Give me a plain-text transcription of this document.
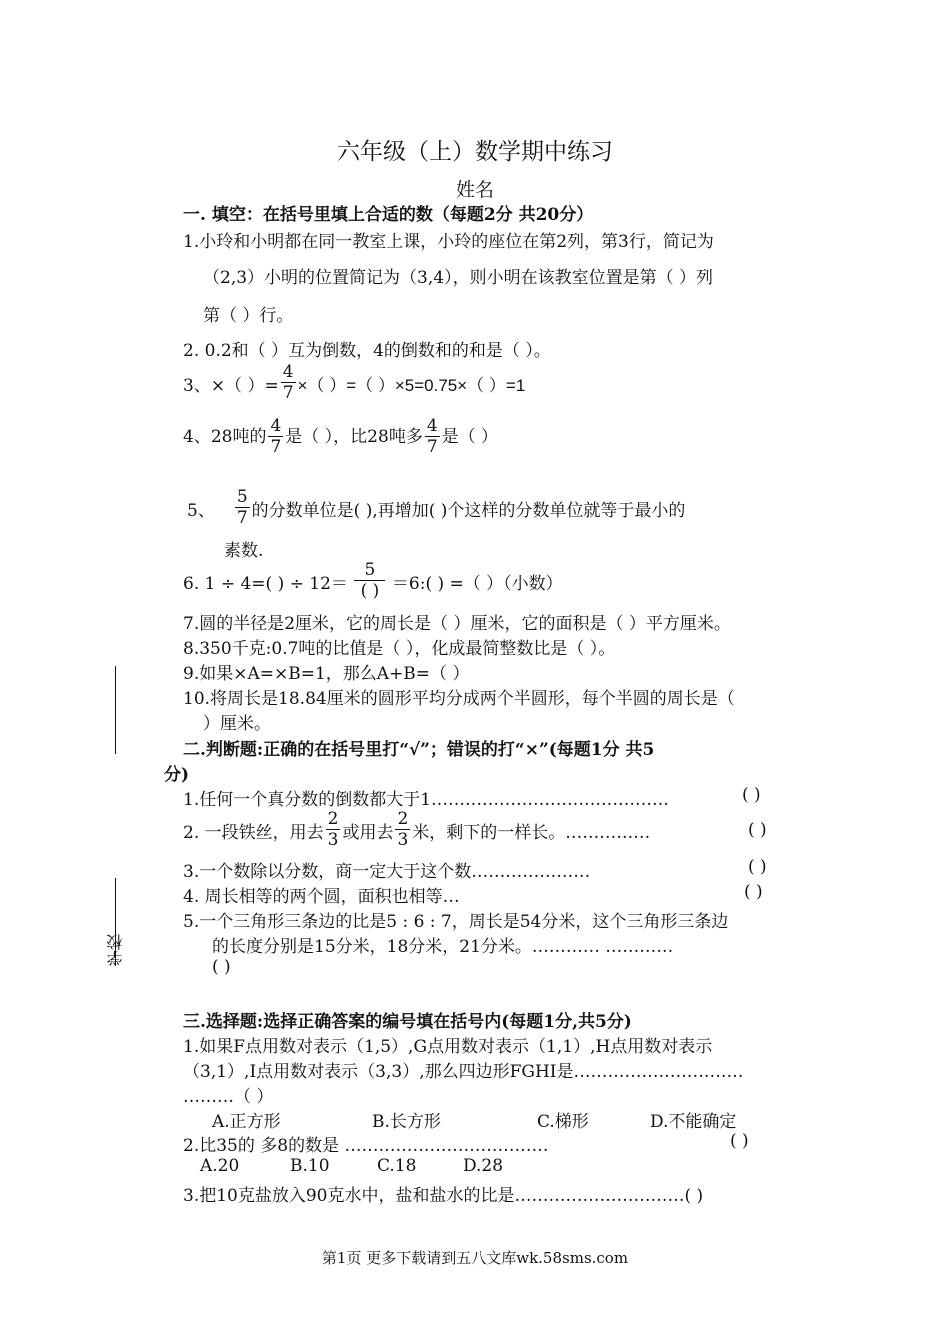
六年级（上）数学期中练习
姓名
学校
一. 填空：在括号里填上合适的数（每题2分 共20分）
1.小玲和小明都在同一教室上课，小玲的座位在第2列，第3行，简记为
（2,3）小明的位置简记为（3,4），则小明在该教室位置是第（ ）列
第（ ）行。
2. 0.2和（ ）互为倒数，4的倒数和的和是（ ）。
3、×（ ）= $\frac{4}{7}$ ×（ ）=（ ）×5=0.75×（ ）=1
4、28吨的 $\frac{4}{7}$ 是（ ），比28吨多 $\frac{4}{7}$ 是（ ）
5、 $\frac{5}{7}$ 的分数单位是( ),再增加( )个这样的分数单位就等于最小的
素数.
6. 1 ÷ 4=( ) ÷ $12= \frac{5}{( )}$ ＝6:( ) =（ ）（小数）
7.圆的半径是2厘米，它的周长是（ ）厘米，它的面积是（ ）平方厘米。
8.350千克:0.7吨的比值是（ ），化成最简整数比是（ ）。
9.如果×A=×B=1，那么A+B=（ ）
10.将周长是18.84厘米的圆形平均分成两个半圆形，每个半圆的周长是（
）厘米。
二.判断题:正确的在括号里打“√”；错误的打“×”(每题1分 共5
分)
1.任何一个真分数的倒数都大于1……………………………………	( )
2. 一段铁丝，用去 $\frac{2}{3}$ 或用去 $\frac{2}{3}$ 米，剩下的一样长。……………	( )
3.一个数除以分数，商一定大于这个数…………………	( )
4. 周长相等的两个圆，面积也相等…	( )
5.一个三角形三条边的比是5 : 6 : 7，周长是54分米，这个三角形三条边
的长度分别是15分米，18分米，21分米。………… …………
( )
三.选择题:选择正确答案的编号填在括号内(每题1分,共5分)
1.如果F点用数对表示（1,5）,G点用数对表示（1,1）,H点用数对表示
（3,1）,I点用数对表示（3,3）,那么四边形FGHI是…………………………
………（ ）
A.正方形	B.长方形	C.梯形	D.不能确定
2.比35的 多8的数是 ………………………………	( )
A.20	B.10	C.18	D.28
3.把10克盐放入90克水中，盐和盐水的比是…………………………( )
第1页 更多下载请到五八文库wk.58sms.com
